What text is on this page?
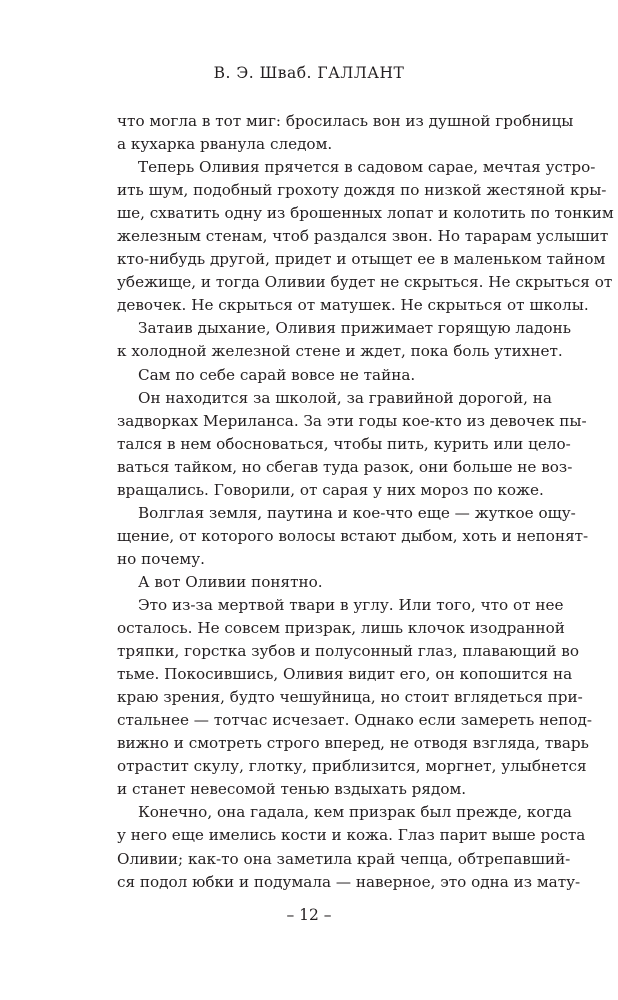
В. Э. Шваб. ГАЛЛАНТ
что могла в тот миг: бросилась вон из душной гробницы
а кухарка рванула следом.
Теперь Оливия прячется в садовом сарае, мечтая устро-
ить шум, подобный грохоту дождя по низкой жестяной кры-
ше, схватить одну из брошенных лопат и колотить по тонким
железным стенам, чтоб раздался звон. Но тарарам услышит
кто-нибудь другой, придет и отыщет ее в маленьком тайном
убежище, и тогда Оливии будет не скрыться. Не скрыться от
девочек. Не скрыться от матушек. Не скрыться от школы.
Затаив дыхание, Оливия прижимает горящую ладонь
к холодной железной стене и ждет, пока боль утихнет.
Сам по себе сарай вовсе не тайна.
Он находится за школой, за гравийной дорогой, на
задворках Мериланса. За эти годы кое-кто из девочек пы-
тался в нем обосноваться, чтобы пить, курить или цело-
ваться тайком, но сбегав туда разок, они больше не воз-
вращались. Говорили, от сарая у них мороз по коже.
Волглая земля, паутина и кое-что еще — жуткое ощу-
щение, от которого волосы встают дыбом, хоть и непонят-
но почему.
А вот Оливии понятно.
Это из-за мертвой твари в углу. Или того, что от нее
осталось. Не совсем призрак, лишь клочок изодранной
тряпки, горстка зубов и полусонный глаз, плавающий во
тьме. Покосившись, Оливия видит его, он копошится на
краю зрения, будто чешуйница, но стоит вглядеться при-
стальнее — тотчас исчезает. Однако если замереть непод-
вижно и смотреть строго вперед, не отводя взгляда, тварь
отрастит скулу, глотку, приблизится, моргнет, улыбнется
и станет невесомой тенью вздыхать рядом.
Конечно, она гадала, кем призрак был прежде, когда
у него еще имелись кости и кожа. Глаз парит выше роста
Оливии; как-то она заметила край чепца, обтрепавший-
ся подол юбки и подумала — наверное, это одна из мату-
– 12 –
